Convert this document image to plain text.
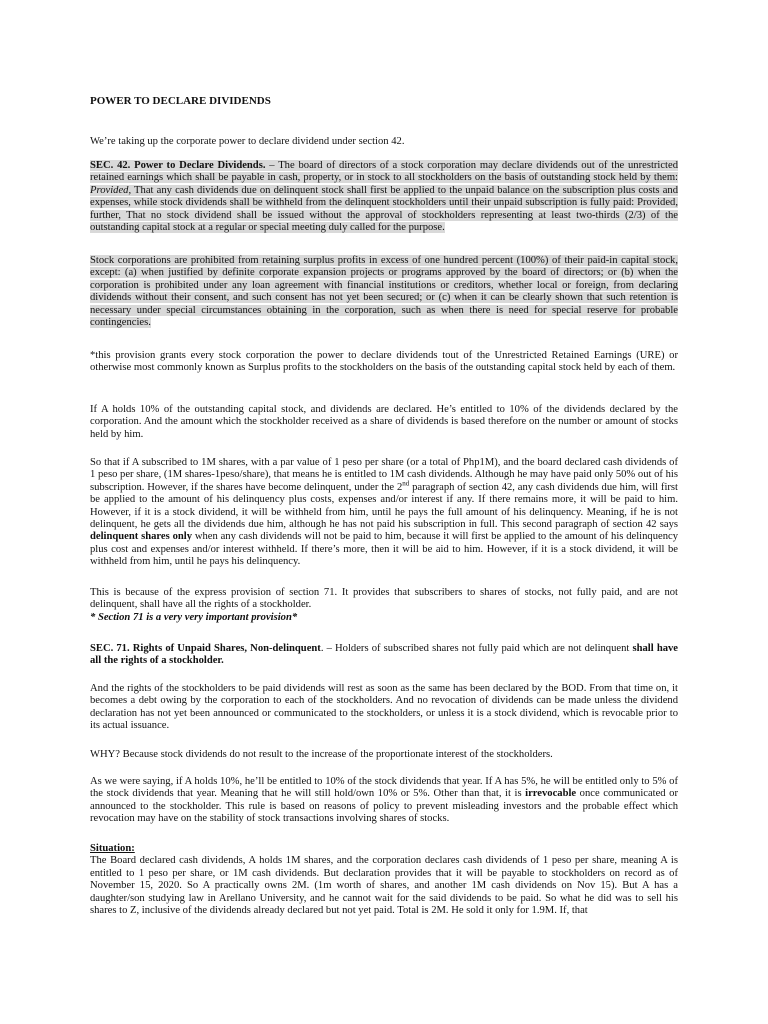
POWER TO DECLARE DIVIDENDS

We’re taking up the corporate power to declare dividend under section 42.

SEC. 42. Power to Declare Dividends. – The board of directors of a stock corporation may declare dividends out of the unrestricted retained earnings which shall be payable in cash, property, or in stock to all stockholders on the basis of outstanding stock held by them: Provided, That any cash dividends due on delinquent stock shall first be applied to the unpaid balance on the subscription plus costs and expenses, while stock dividends shall be withheld from the delinquent stockholders until their unpaid subscription is fully paid: Provided, further, That no stock dividend shall be issued without the approval of stockholders representing at least two-thirds (2/3) of the outstanding capital stock at a regular or special meeting duly called for the purpose.

Stock corporations are prohibited from retaining surplus profits in excess of one hundred percent (100%) of their paid-in capital stock, except: (a) when justified by definite corporate expansion projects or programs approved by the board of directors; or (b) when the corporation is prohibited under any loan agreement with financial institutions or creditors, whether local or foreign, from declaring dividends without their consent, and such consent has not yet been secured; or (c) when it can be clearly shown that such retention is necessary under special circumstances obtaining in the corporation, such as when there is need for special reserve for probable contingencies.

*this provision grants every stock corporation the power to declare dividends tout of the Unrestricted Retained Earnings (URE) or otherwise most commonly known as Surplus profits to the stockholders on the basis of the outstanding capital stock held by each of them.

If A holds 10% of the outstanding capital stock, and dividends are declared. He’s entitled to 10% of the dividends declared by the corporation. And the amount which the stockholder received as a share of dividends is based therefore on the number or amount of stocks held by him.

So that if A subscribed to 1M shares, with a par value of 1 peso per share (or a total of Php1M), and the board declared cash dividends of 1 peso per share, (1M shares-1peso/share), that means he is entitled to 1M cash dividends. Although he may have paid only 50% out of his subscription. However, if the shares have become delinquent, under the 2nd paragraph of section 42, any cash dividends due him, will first be applied to the amount of his delinquency plus costs, expenses and/or interest if any. If there remains more, it will be paid to him. However, if it is a stock dividend, it will be withheld from him, until he pays the full amount of his delinquency. Meaning, if he is not delinquent, he gets all the dividends due him, although he has not paid his subscription in full. This second paragraph of section 42 says delinquent shares only when any cash dividends will not be paid to him, because it will first be applied to the amount of his delinquency plus cost and expenses and/or interest withheld. If there’s more, then it will be aid to him. However, if it is a stock dividend, it will be withheld from him, until he pays his delinquency.

This is because of the express provision of section 71. It provides that subscribers to shares of stocks, not fully paid, and are not delinquent, shall have all the rights of a stockholder.
* Section 71 is a very very important provision*

SEC. 71. Rights of Unpaid Shares, Non-delinquent. – Holders of subscribed shares not fully paid which are not delinquent shall have all the rights of a stockholder.

And the rights of the stockholders to be paid dividends will rest as soon as the same has been declared by the BOD. From that time on, it becomes a debt owing by the corporation to each of the stockholders. And no revocation of dividends can be made unless the dividend declaration has not yet been announced or communicated to the stockholders, or unless it is a stock dividend, which is revocable prior to its actual issuance.

WHY? Because stock dividends do not result to the increase of the proportionate interest of the stockholders.

As we were saying, if A holds 10%, he’ll be entitled to 10% of the stock dividends that year. If A has 5%, he will be entitled only to 5% of the stock dividends that year. Meaning that he will still hold/own 10% or 5%. Other than that, it is irrevocable once communicated or announced to the stockholder. This rule is based on reasons of policy to prevent misleading investors and the probable effect which revocation may have on the stability of stock transactions involving shares of stocks.

Situation:
The Board declared cash dividends, A holds 1M shares, and the corporation declares cash dividends of 1 peso per share, meaning A is entitled to 1 peso per share, or 1M cash dividends. But declaration provides that it will be payable to stockholders on record as of November 15, 2020. So A practically owns 2M. (1m worth of shares, and another 1M cash dividends on Nov 15). But A has a daughter/son studying law in Arellano University, and he cannot wait for the said dividends to be paid. So what he did was to sell his shares to Z, inclusive of the dividends already declared but not yet paid. Total is 2M. He sold it only for 1.9M. If, that
